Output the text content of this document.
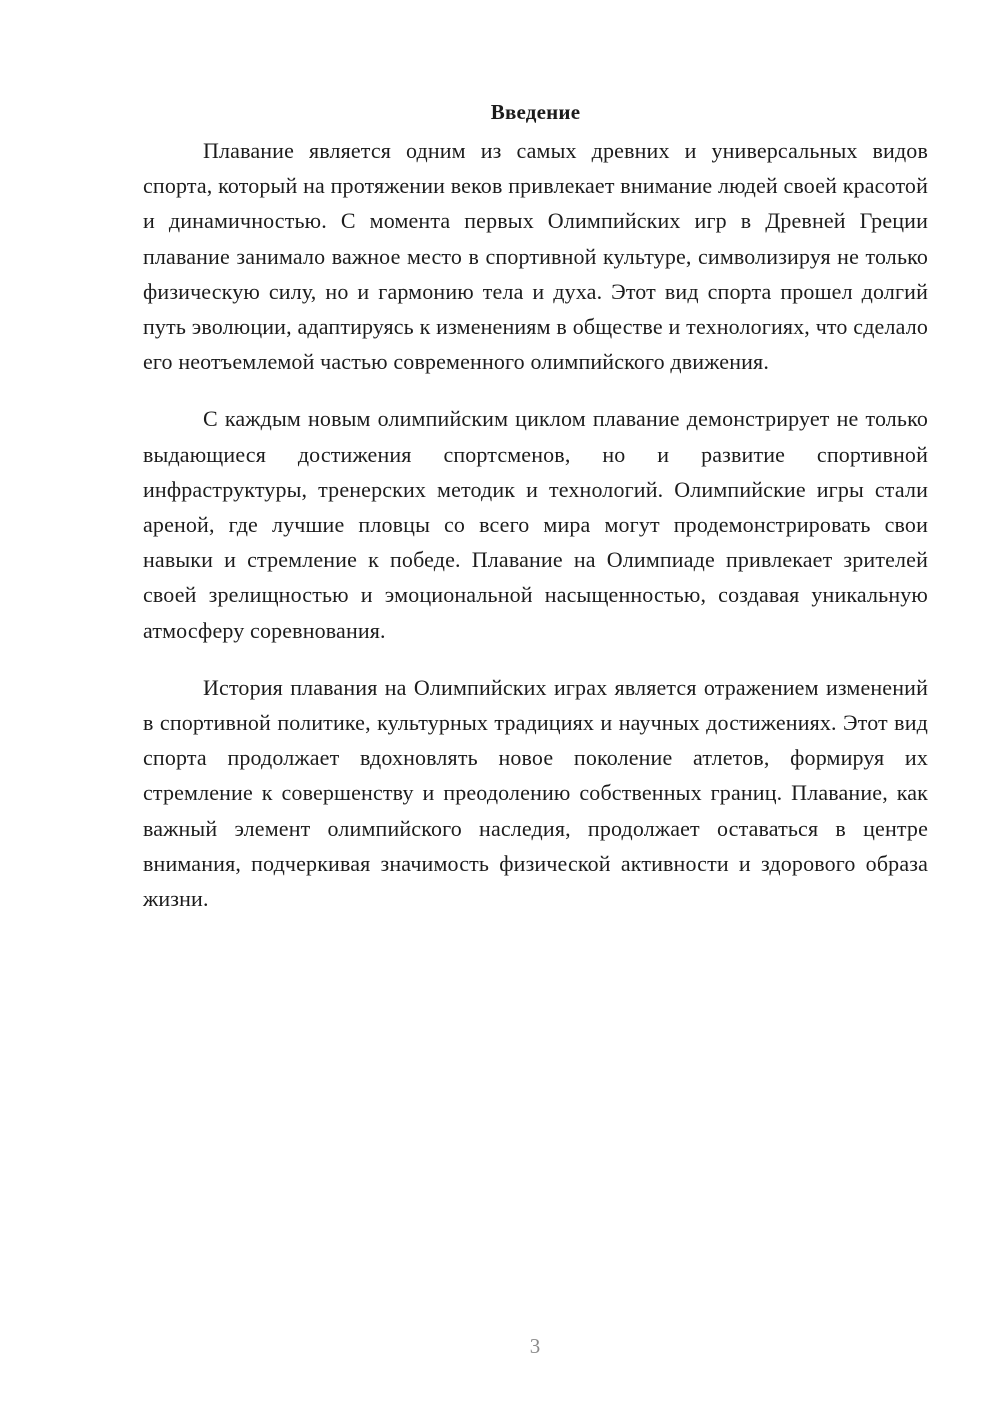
Введение

Плавание является одним из самых древних и универсальных видов спорта, который на протяжении веков привлекает внимание людей своей красотой и динамичностью. С момента первых Олимпийских игр в Древней Греции плавание занимало важное место в спортивной культуре, символизируя не только физическую силу, но и гармонию тела и духа. Этот вид спорта прошел долгий путь эволюции, адаптируясь к изменениям в обществе и технологиях, что сделало его неотъемлемой частью современного олимпийского движения.

С каждым новым олимпийским циклом плавание демонстрирует не только выдающиеся достижения спортсменов, но и развитие спортивной инфраструктуры, тренерских методик и технологий. Олимпийские игры стали ареной, где лучшие пловцы со всего мира могут продемонстрировать свои навыки и стремление к победе. Плавание на Олимпиаде привлекает зрителей своей зрелищностью и эмоциональной насыщенностью, создавая уникальную атмосферу соревнования.

История плавания на Олимпийских играх является отражением изменений в спортивной политике, культурных традициях и научных достижениях. Этот вид спорта продолжает вдохновлять новое поколение атлетов, формируя их стремление к совершенству и преодолению собственных границ. Плавание, как важный элемент олимпийского наследия, продолжает оставаться в центре внимания, подчеркивая значимость физической активности и здорового образа жизни.

3
